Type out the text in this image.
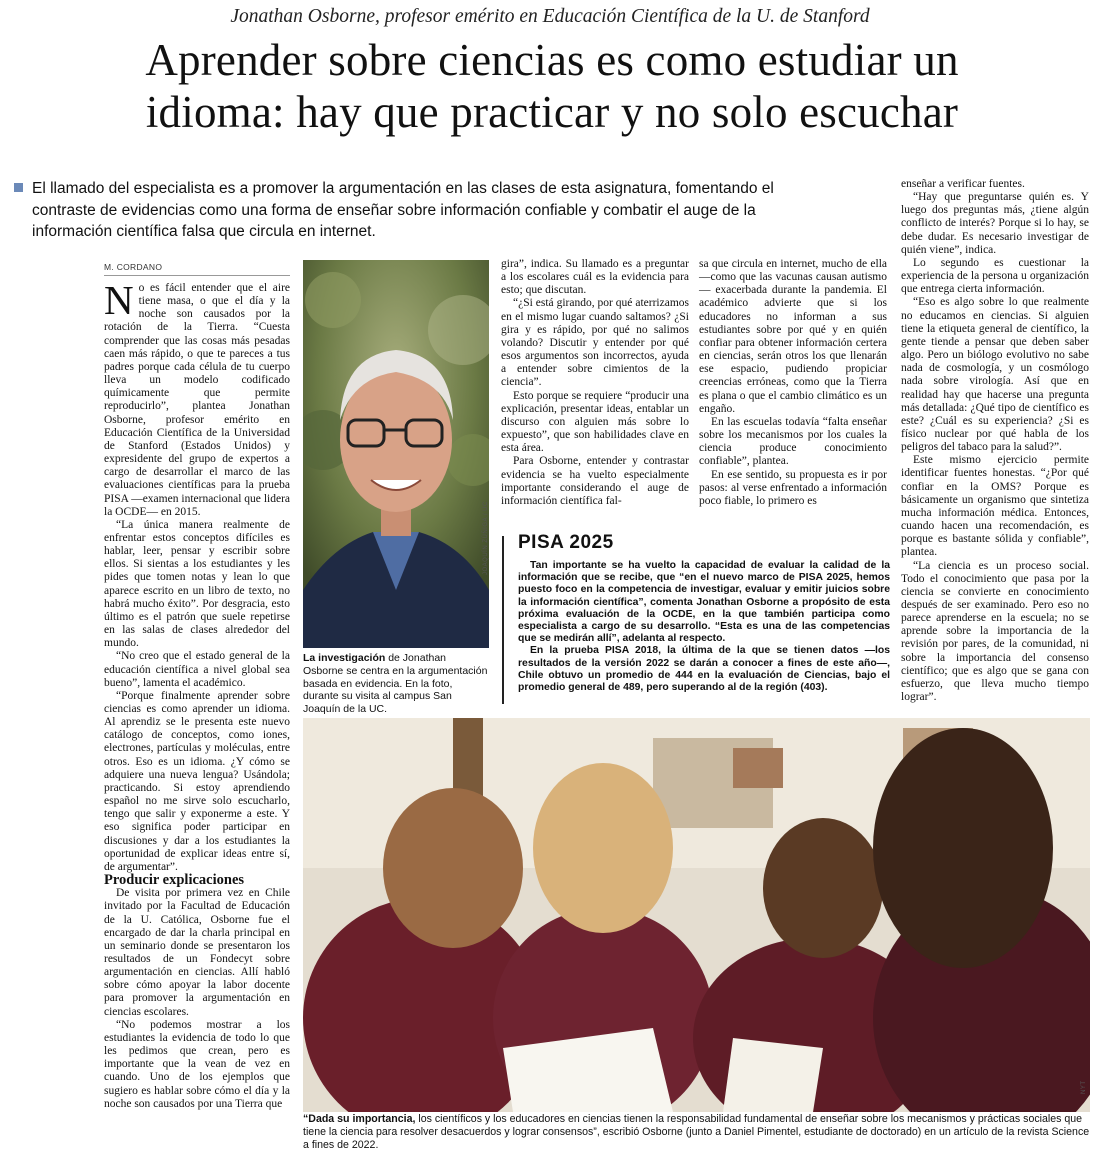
Jonathan Osborne, profesor emérito en Educación Científica de la U. de Stanford
Aprender sobre ciencias es como estudiar un
idioma: hay que practicar y no solo escuchar

El llamado del especialista es a promover la argumentación en las clases de esta asignatura, fomentando el
contraste de evidencias como una forma de enseñar sobre información confiable y combatir el auge de la
información científica falsa que circula en internet.

M. CORDANO

No es fácil entender que el aire tiene masa, o que el día y la noche son causados por la rotación de la Tierra. “Cuesta comprender que las cosas más pesadas caen más rápido, o que te pareces a tus padres porque cada célula de tu cuerpo lleva un modelo codificado químicamente que permite reproducirlo”, plantea Jonathan Osborne, profesor emérito en Educación Científica de la Universidad de Stanford (Estados Unidos) y expresidente del grupo de expertos a cargo de desarrollar el marco de las evaluaciones científicas para la prueba PISA —examen internacional que lidera la OCDE— en 2015.

“La única manera realmente de enfrentar estos conceptos difíciles es hablar, leer, pensar y escribir sobre ellos. Si sientas a los estudiantes y les pides que tomen notas y lean lo que aparece escrito en un libro de texto, no habrá mucho éxito”. Por desgracia, esto último es el patrón que suele repetirse en las salas de clases alrededor del mundo.

“No creo que el estado general de la educación científica a nivel global sea bueno”, lamenta el académico.

“Porque finalmente aprender sobre ciencias es como aprender un idioma. Al aprendiz se le presenta este nuevo catálogo de conceptos, como iones, electrones, partículas y moléculas, entre otros. Eso es un idioma. ¿Y cómo se adquiere una nueva lengua? Usándola; practicando. Si estoy aprendiendo español no me sirve solo escucharlo, tengo que salir y exponerme a este. Y eso significa poder participar en discusiones y dar a los estudiantes la oportunidad de explicar ideas entre sí, de argumentar”.

Producir explicaciones

De visita por primera vez en Chile invitado por la Facultad de Educación de la U. Católica, Osborne fue el encargado de dar la charla principal en un seminario donde se presentaron los resultados de un Fondecyt sobre argumentación en ciencias. Allí habló sobre cómo apoyar la labor docente para promover la argumentación en ciencias escolares.

“No podemos mostrar a los estudiantes la evidencia de todo lo que les pedimos que crean, pero es importante que la vean de vez en cuando. Uno de los ejemplos que sugiero es hablar sobre cómo el día y la noche son causados por una Tierra que

JOAQUÍN ZÚÑIGA / UC
La investigación de Jonathan Osborne se centra en la argumentación basada en evidencia. En la foto, durante su visita al campus San Joaquín de la UC.

gira”, indica. Su llamado es a preguntar a los escolares cuál es la evidencia para esto; que discutan.

“¿Si está girando, por qué aterrizamos en el mismo lugar cuando saltamos? ¿Si gira y es rápido, por qué no salimos volando? Discutir y entender por qué esos argumentos son incorrectos, ayuda a entender sobre cimientos de la ciencia”.

Esto porque se requiere “producir una explicación, presentar ideas, entablar un discurso con alguien más sobre lo expuesto”, que son habilidades clave en esta área.

Para Osborne, entender y contrastar evidencia se ha vuelto especialmente importante considerando el auge de información científica fal-

sa que circula en internet, mucho de ella —como que las vacunas causan autismo— exacerbada durante la pandemia. El académico advierte que si los educadores no informan a sus estudiantes sobre por qué y en quién confiar para obtener información certera en ciencias, serán otros los que llenarán ese espacio, pudiendo propiciar creencias erróneas, como que la Tierra es plana o que el cambio climático es un engaño.

En las escuelas todavía “falta enseñar sobre los mecanismos por los cuales la ciencia produce conocimiento confiable”, plantea.

En ese sentido, su propuesta es ir por pasos: al verse enfrentado a información poco fiable, lo primero es

PISA 2025

Tan importante se ha vuelto la capacidad de evaluar la calidad de la información que se recibe, que “en el nuevo marco de PISA 2025, hemos puesto foco en la competencia de investigar, evaluar y emitir juicios sobre la información científica”, comenta Jonathan Osborne a propósito de esta próxima evaluación de la OCDE, en la que también participa como especialista a cargo de su desarrollo. “Esta es una de las competencias que se medirán allí”, adelanta al respecto.

En la prueba PISA 2018, la última de la que se tienen datos —los resultados de la versión 2022 se darán a conocer a fines de este año—, Chile obtuvo un promedio de 444 en la evaluación de Ciencias, bajo el promedio general de 489, pero superando al de la región (403).

enseñar a verificar fuentes.

“Hay que preguntarse quién es. Y luego dos preguntas más, ¿tiene algún conflicto de interés? Porque si lo hay, se debe dudar. Es necesario investigar de quién viene”, indica.

Lo segundo es cuestionar la experiencia de la persona u organización que entrega cierta información.

“Eso es algo sobre lo que realmente no educamos en ciencias. Si alguien tiene la etiqueta general de científico, la gente tiende a pensar que deben saber algo. Pero un biólogo evolutivo no sabe nada de cosmología, y un cosmólogo nada sobre virología. Así que en realidad hay que hacerse una pregunta más detallada: ¿Qué tipo de científico es este? ¿Cuál es su experiencia? ¿Si es físico nuclear por qué habla de los peligros del tabaco para la salud?”.

Este mismo ejercicio permite identificar fuentes honestas. “¿Por qué confiar en la OMS? Porque es básicamente un organismo que sintetiza mucha información médica. Entonces, cuando hacen una recomendación, es porque es bastante sólida y confiable”, plantea.

“La ciencia es un proceso social. Todo el conocimiento que pasa por la ciencia se convierte en conocimiento después de ser examinado. Pero eso no parece aprenderse en la escuela; no se aprende sobre la importancia de la revisión por pares, de la comunidad, ni sobre la importancia del consenso científico; que es algo que se gana con esfuerzo, que lleva mucho tiempo lograr”.

NYT
“Dada su importancia, los científicos y los educadores en ciencias tienen la responsabilidad fundamental de enseñar sobre los mecanismos y prácticas sociales que tiene la ciencia para resolver desacuerdos y lograr consensos”, escribió Osborne (junto a Daniel Pimentel, estudiante de doctorado) en un artículo de la revista Science a fines de 2022.
